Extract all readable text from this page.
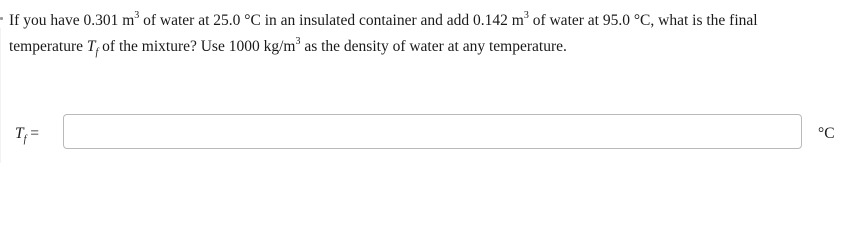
If you have 0.301 $m^3$ of water at 25.0 °C in an insulated container and add 0.142 $m^3$ of water at 95.0 °C, what is the final temperature $T_f$ of the mixture? Use 1000 $kg/m^3$ as the density of water at any temperature.
$T_f$ =	°C
